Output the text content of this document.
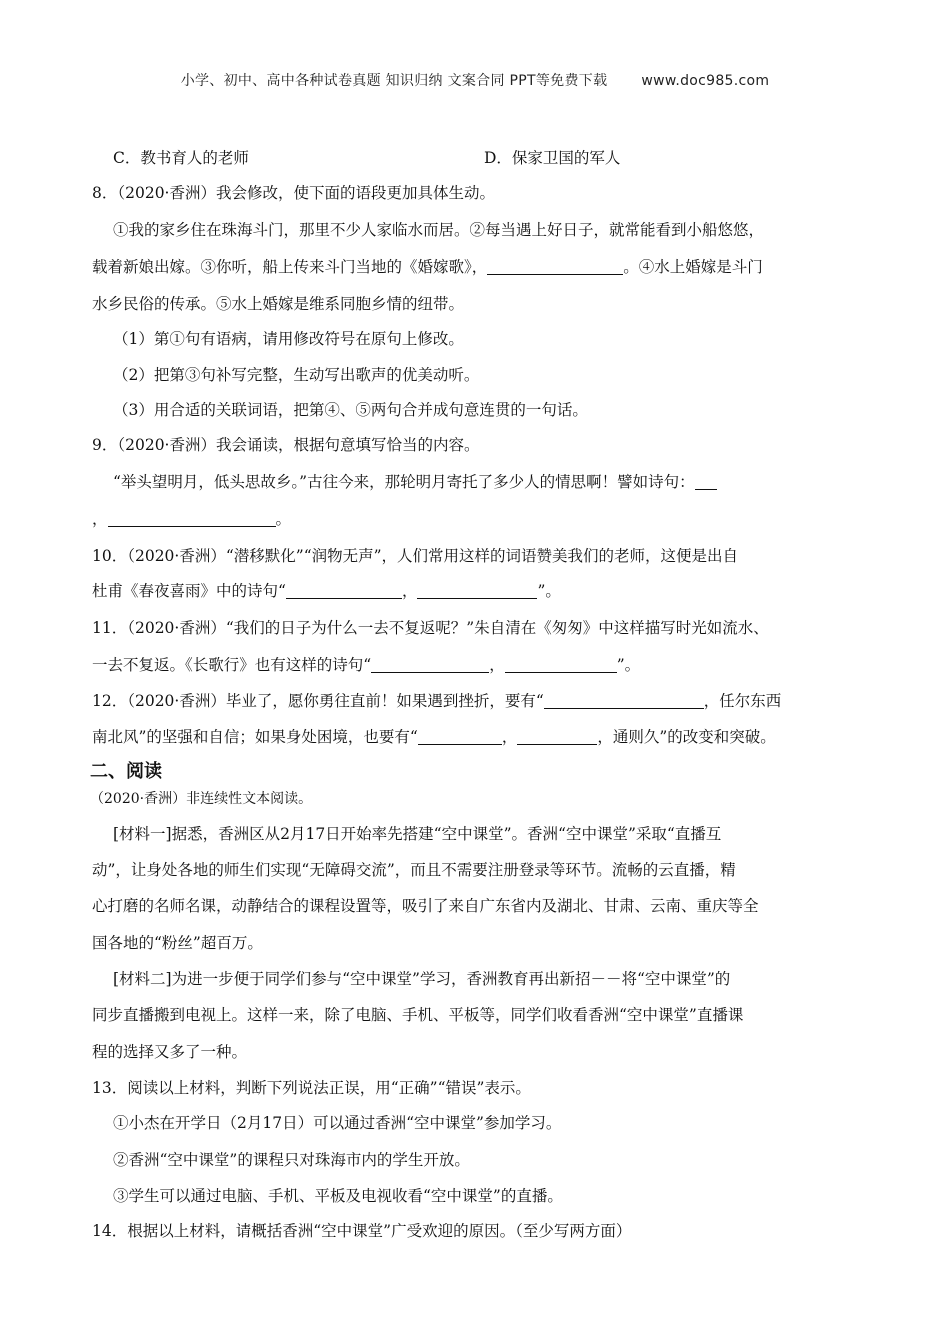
小学、初中、高中各种试卷真题 知识归纳 文案合同 PPT等免费下载 www.doc985.com
C．教书育人的老师	D．保家卫国的军人
8．（2020·香洲）我会修改，使下面的语段更加具体生动。
①我的家乡住在珠海斗门，那里不少人家临水而居。②每当遇上好日子，就常能看到小船悠悠，
载着新娘出嫁。③你听，船上传来斗门当地的《婚嫁歌》，	。④水上婚嫁是斗门
水乡民俗的传承。⑤水上婚嫁是维系同胞乡情的纽带。
（1）第①句有语病，请用修改符号在原句上修改。
（2）把第③句补写完整，生动写出歌声的优美动听。
（3）用合适的关联词语，把第④、⑤两句合并成句意连贯的一句话。
9．（2020·香洲）我会诵读，根据句意填写恰当的内容。
“举头望明月，低头思故乡。”古往今来，那轮明月寄托了多少人的情思啊！譬如诗句：
，	。
10．（2020·香洲）“潜移默化”“润物无声”，人们常用这样的词语赞美我们的老师，这便是出自
杜甫《春夜喜雨》中的诗句“	，	”。
11．（2020·香洲）“我们的日子为什么一去不复返呢？”朱自清在《匆匆》中这样描写时光如流水、
一去不复返。《长歌行》也有这样的诗句“	，	”。
12．（2020·香洲）毕业了，愿你勇往直前！如果遇到挫折，要有“	，任尔东西
南北风”的坚强和自信；如果身处困境，也要有“	，	，通则久”的改变和突破。
二、阅读
（2020·香洲）非连续性文本阅读。
[材料一]据悉，香洲区从2月17日开始率先搭建“空中课堂”。香洲“空中课堂”采取“直播互
动”，让身处各地的师生们实现“无障碍交流”，而且不需要注册登录等环节。流畅的云直播，精
心打磨的名师名课，动静结合的课程设置等，吸引了来自广东省内及湖北、甘肃、云南、重庆等全
国各地的“粉丝”超百万。
[材料二]为进一步便于同学们参与“空中课堂”学习，香洲教育再出新招－－将“空中课堂”的
同步直播搬到电视上。这样一来，除了电脑、手机、平板等，同学们收看香洲“空中课堂”直播课
程的选择又多了一种。
13．阅读以上材料，判断下列说法正误，用“正确”“错误”表示。
①小杰在开学日（2月17日）可以通过香洲“空中课堂”参加学习。
②香洲“空中课堂”的课程只对珠海市内的学生开放。
③学生可以通过电脑、手机、平板及电视收看“空中课堂”的直播。
14．根据以上材料，请概括香洲“空中课堂”广受欢迎的原因。（至少写两方面）
